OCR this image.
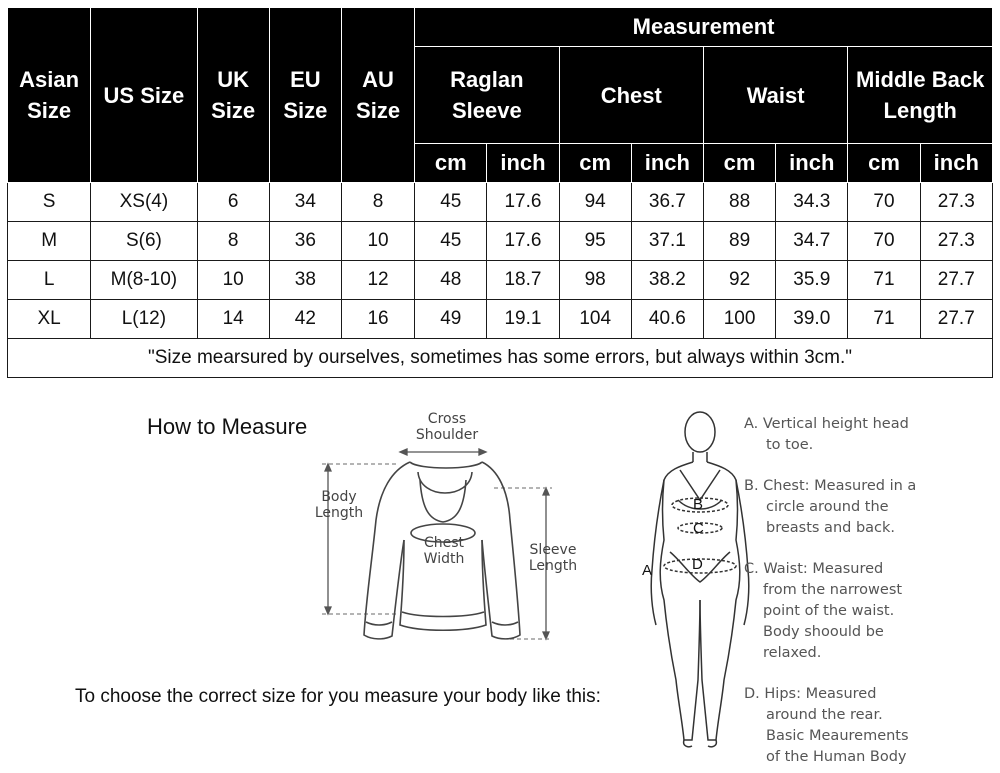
Asian Size	US Size	UK Size	EU Size	AU Size	Measurement							
					Raglan Sleeve		Chest		Waist		Middle Back Length	
					cm	inch	cm	inch	cm	inch	cm	inch
S	XS(4)	6	34	8	45	17.6	94	36.7	88	34.3	70	27.3
M	S(6)	8	36	10	45	17.6	95	37.1	89	34.7	70	27.3
L	M(8-10)	10	38	12	48	18.7	98	38.2	92	35.9	71	27.7
XL	L(12)	14	42	16	49	19.1	104	40.6	100	39.0	71	27.7
"Size mearsured by ourselves, sometimes has some errors, but always within 3cm."												
How to Measure	Cross
Shoulder
Body
Length
Chest
Width
Sleeve
Length
To choose the correct size for you measure your body like this:
A
B
C
D
A. Vertical height head
to toe.
B. Chest: Measured in a
circle around the
breasts and back.
C. Waist: Measured
from the narrowest
point of the waist.
Body shoould be
relaxed.
D. Hips: Measured
around the rear.
Basic Meaurements
of the Human Body
